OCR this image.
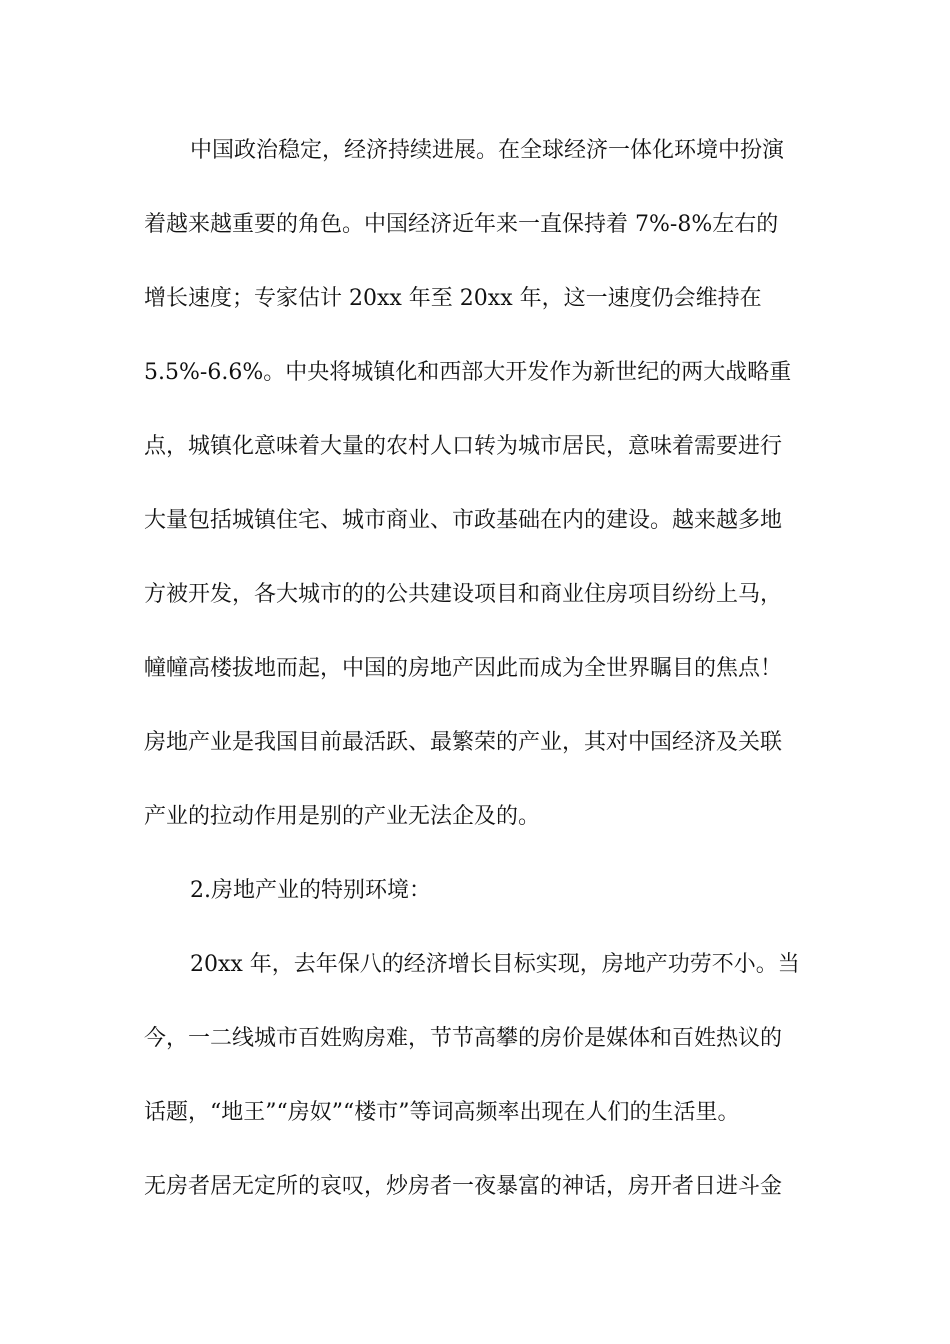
中国政治稳定，经济持续进展。在全球经济一体化环境中扮演
着越来越重要的角色。中国经济近年来一直保持着 7%-8%左右的
增长速度；专家估计 20xx 年至 20xx 年，这一速度仍会维持在
5.5%-6.6%。中央将城镇化和西部大开发作为新世纪的两大战略重
点，城镇化意味着大量的农村人口转为城市居民，意味着需要进行
大量包括城镇住宅、城市商业、市政基础在内的建设。越来越多地
方被开发，各大城市的的公共建设项目和商业住房项目纷纷上马，
幢幢高楼拔地而起，中国的房地产因此而成为全世界瞩目的焦点！
房地产业是我国目前最活跃、最繁荣的产业，其对中国经济及关联
产业的拉动作用是别的产业无法企及的。
2.房地产业的特别环境：
20xx 年，去年保八的经济增长目标实现，房地产功劳不小。当
今，一二线城市百姓购房难，节节高攀的房价是媒体和百姓热议的
话题，“地王”“房奴”“楼市”等词高频率出现在人们的生活里。
无房者居无定所的哀叹，炒房者一夜暴富的神话，房开者日进斗金
